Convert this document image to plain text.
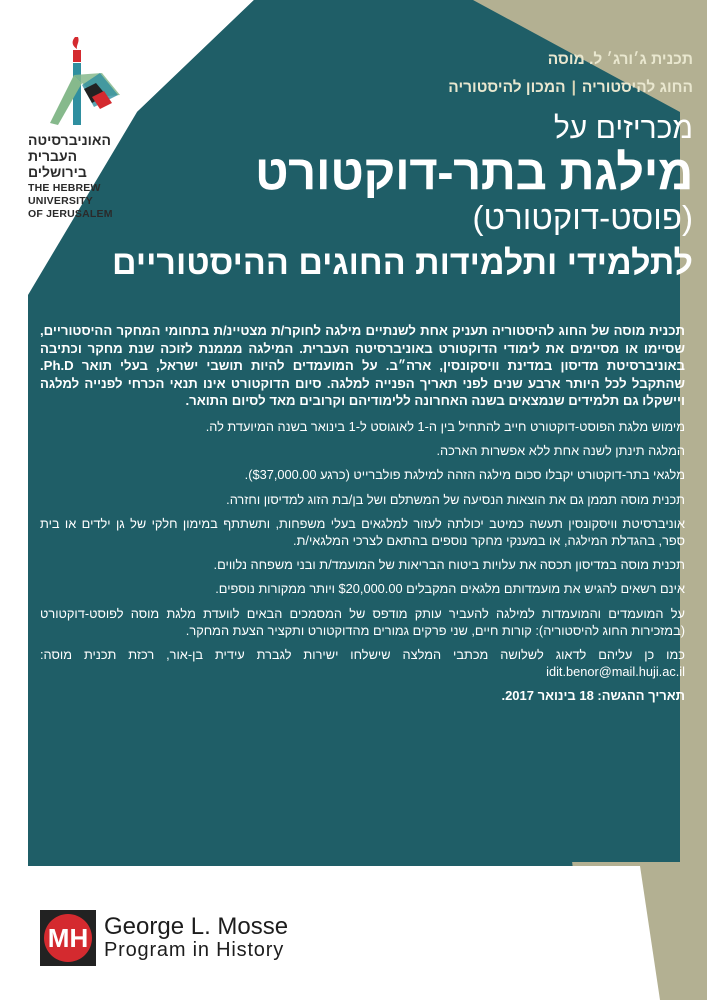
האוניברסיטה
העברית
בירושלים
THE HEBREW
UNIVERSITY
OF JERUSALEM
תכנית ג׳ורג׳ ל. מוסה
החוג להיסטוריה|המכון להיסטוריה
מכריזים על
מילגת בתר-דוקטורט
(פוסט-דוקטורט)
לתלמידי ותלמידות החוגים ההיסטוריים

תכנית מוסה של החוג להיסטוריה תעניק אחת לשנתיים מילגה לחוקר/ת מצטיינ/ת בתחומי המחקר ההיסטוריים, שסיימו או מסיימים את לימודי הדוקטורט באוניברסיטה העברית. המילגה מממנת לזוכה שנת מחקר וכתיבה באוניברסיטת מדיסון במדינת וויסקונסין, ארה״ב. על המועמדים להיות תושבי ישראל, בעלי תואר Ph.D. שהתקבל לכל היותר ארבע שנים לפני תאריך הפנייה למלגה. סיום הדוקטורט אינו תנאי הכרחי לפנייה למלגה ויישקלו גם תלמידים שנמצאים בשנה האחרונה ללימודיהם וקרובים מאד לסיום התואר.

מימוש מלגת הפוסט-דוקטורט חייב להתחיל בין ה-1 לאוגוסט ל-1 בינואר בשנה המיועדת לה.

המלגה תינתן לשנה אחת ללא אפשרות הארכה.

מלגאי בתר-דוקטורט יקבלו סכום מילגה הזהה למילגת פולברייט (כרגע $37,000.00).

תכנית מוסה תממן גם את הוצאות הנסיעה של המשתלם ושל בן/בת הזוג למדיסון וחזרה.

אוניברסיטת וויסקונסין תעשה כמיטב יכולתה לעזור למלגאים בעלי משפחות, ותשתתף במימון חלקי של גן ילדים או בית ספר, בהגדלת המילגה, או במענקי מחקר נוספים בהתאם לצרכי המלגאי/ת.

תכנית מוסה במדיסון תכסה את עלויות ביטוח הבריאות של המועמד/ת ובני משפחה נלווים.

אינם רשאים להגיש את מועמדותם מלגאים המקבלים $20,000.00 ויותר ממקורות נוספים.

על המועמדים והמועמדות למילגה להעביר עותק מודפס של המסמכים הבאים לוועדת מלגת מוסה לפוסט-דוקטורט (במזכירות החוג להיסטוריה): קורות חיים, שני פרקים גמורים מהדוקטורט ותקציר הצעת המחקר.

כמו כן עליהם לדאוג לשלושה מכתבי המלצה שישלחו ישירות לגברת עידית בן-אור, רכזת תכנית מוסה: idit.benor@mail.huji.ac.il

תאריך ההגשה: 18 בינואר 2017.
MH George L. Mosse
Program in History
